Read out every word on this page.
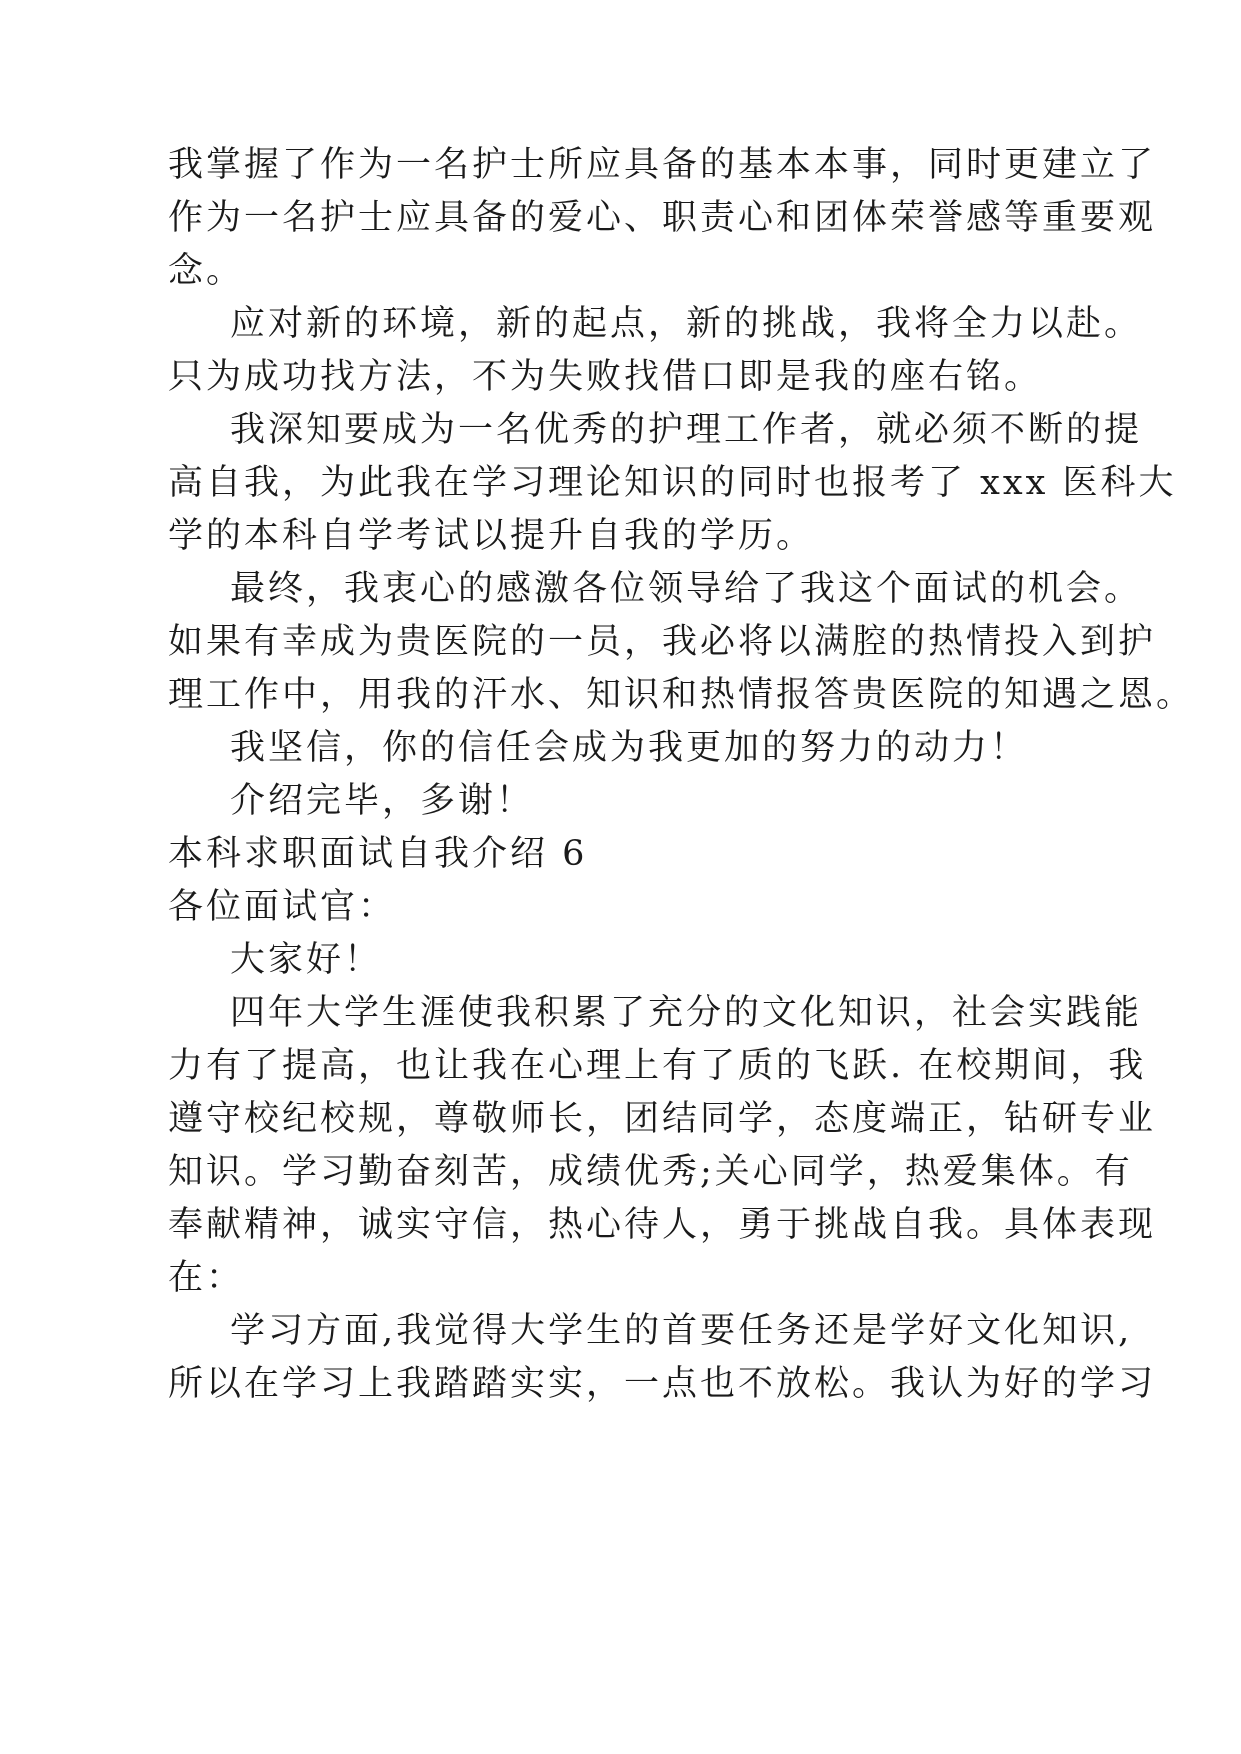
我掌握了作为一名护士所应具备的基本本事，同时更建立了

作为一名护士应具备的爱心、职责心和团体荣誉感等重要观

念。

应对新的环境，新的起点，新的挑战，我将全力以赴。

只为成功找方法，不为失败找借口即是我的座右铭。

我深知要成为一名优秀的护理工作者，就必须不断的提

高自我，为此我在学习理论知识的同时也报考了 xxx 医科大

学的本科自学考试以提升自我的学历。

最终，我衷心的感激各位领导给了我这个面试的机会。

如果有幸成为贵医院的一员，我必将以满腔的热情投入到护

理工作中，用我的汗水、知识和热情报答贵医院的知遇之恩。

我坚信，你的信任会成为我更加的努力的动力！

介绍完毕，多谢！

本科求职面试自我介绍 6

各位面试官：

大家好！

四年大学生涯使我积累了充分的文化知识，社会实践能

力有了提高，也让我在心理上有了质的飞跃. 在校期间，我

遵守校纪校规，尊敬师长，团结同学，态度端正，钻研专业

知识。学习勤奋刻苦，成绩优秀;关心同学，热爱集体。有

奉献精神，诚实守信，热心待人，勇于挑战自我。具体表现

在：

学习方面,我觉得大学生的首要任务还是学好文化知识,

所以在学习上我踏踏实实，一点也不放松。我认为好的学习
